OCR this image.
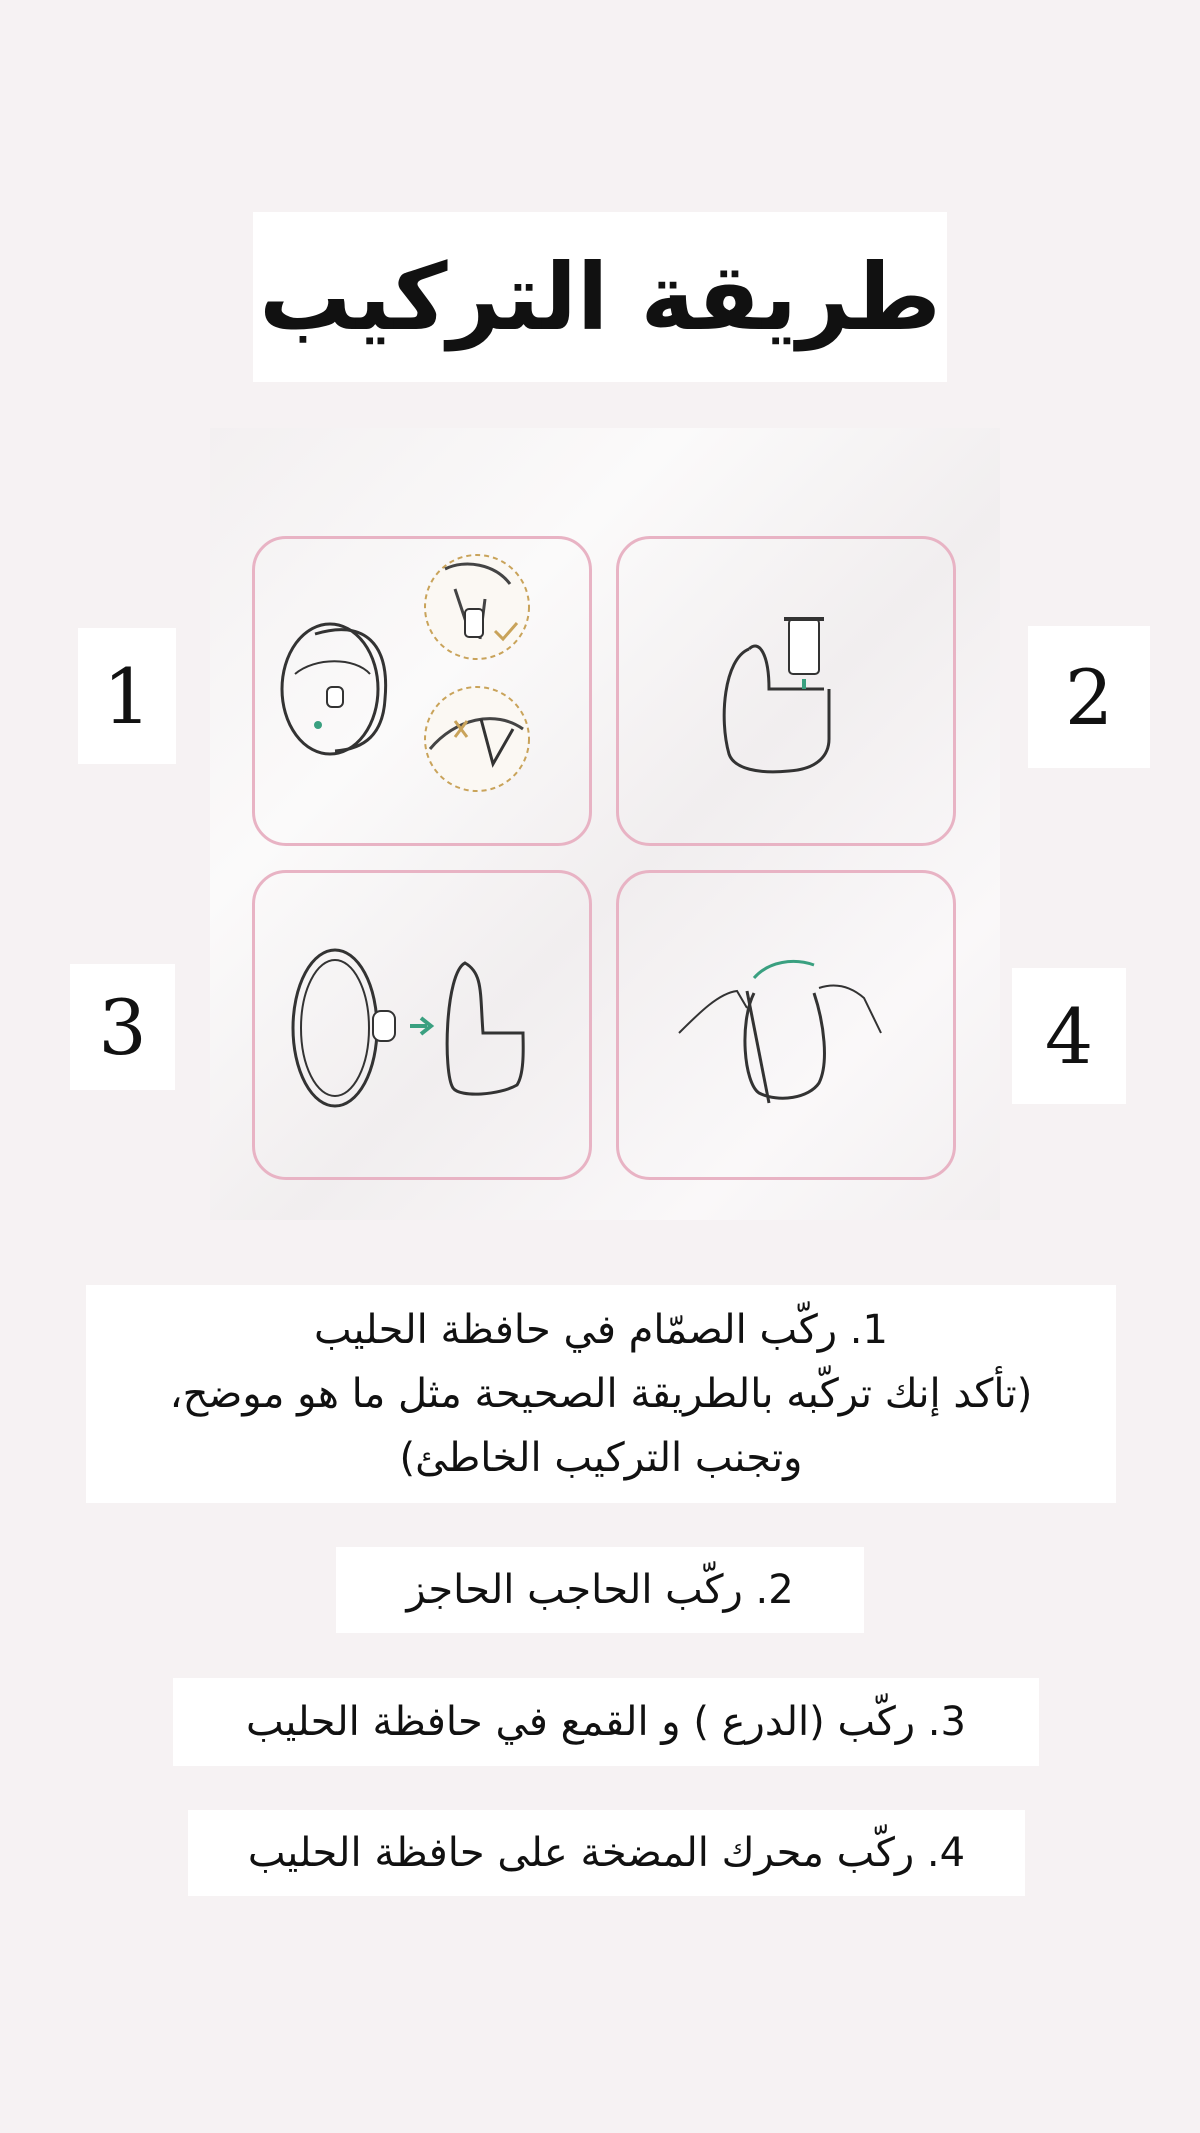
طريقة التركيب
1	2
3	4
1. ركّب الصمّام في حافظة الحليب
(تأكد إنك تركّبه بالطريقة الصحيحة مثل ما هو موضح،
وتجنب التركيب الخاطئ)
2. ركّب الحاجب الحاجز
3. ركّب (الدرع ) و القمع في حافظة الحليب
4. ركّب محرك المضخة على حافظة الحليب
